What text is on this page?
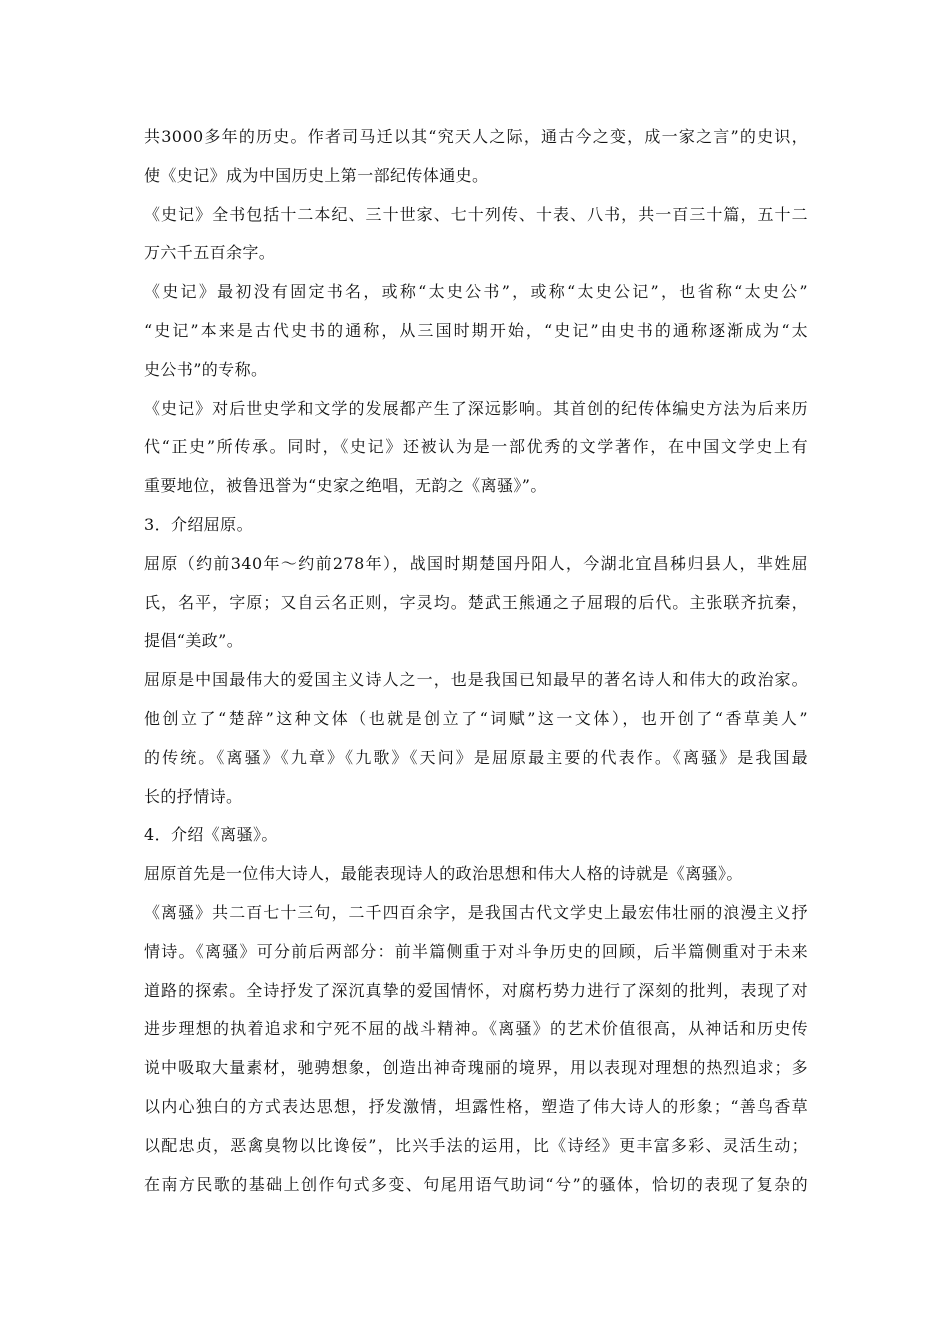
共3000多年的历史。作者司马迁以其“究天人之际，通古今之变，成一家之言”的史识，
使《史记》成为中国历史上第一部纪传体通史。
《史记》全书包括十二本纪、三十世家、七十列传、十表、八书，共一百三十篇，五十二
万六千五百余字。
《史记》最初没有固定书名，或称“太史公书”，或称“太史公记”，也省称“太史公”
“史记”本来是古代史书的通称，从三国时期开始，“史记”由史书的通称逐渐成为“太
史公书”的专称。
《史记》对后世史学和文学的发展都产生了深远影响。其首创的纪传体编史方法为后来历
代“正史”所传承。同时，《史记》还被认为是一部优秀的文学著作，在中国文学史上有
重要地位，被鲁迅誉为“史家之绝唱，无韵之《离骚》”。
3．介绍屈原。
屈原（约前340年～约前278年），战国时期楚国丹阳人，今湖北宜昌秭归县人，芈姓屈
氏，名平，字原；又自云名正则，字灵均。楚武王熊通之子屈瑕的后代。主张联齐抗秦，
提倡“美政”。
屈原是中国最伟大的爱国主义诗人之一，也是我国已知最早的著名诗人和伟大的政治家。
他创立了“楚辞”这种文体（也就是创立了“词赋”这一文体），也开创了“香草美人”
的传统。《离骚》《九章》《九歌》《天问》是屈原最主要的代表作。《离骚》是我国最
长的抒情诗。
4．介绍《离骚》。
屈原首先是一位伟大诗人，最能表现诗人的政治思想和伟大人格的诗就是《离骚》。
《离骚》共二百七十三句，二千四百余字，是我国古代文学史上最宏伟壮丽的浪漫主义抒
情诗。《离骚》可分前后两部分：前半篇侧重于对斗争历史的回顾，后半篇侧重对于未来
道路的探索。全诗抒发了深沉真挚的爱国情怀，对腐朽势力进行了深刻的批判，表现了对
进步理想的执着追求和宁死不屈的战斗精神。《离骚》的艺术价值很高，从神话和历史传
说中吸取大量素材，驰骋想象，创造出神奇瑰丽的境界，用以表现对理想的热烈追求；多
以内心独白的方式表达思想，抒发激情，坦露性格，塑造了伟大诗人的形象；“善鸟香草
以配忠贞，恶禽臭物以比谗佞”，比兴手法的运用，比《诗经》更丰富多彩、灵活生动；
在南方民歌的基础上创作句式多变、句尾用语气助词“兮”的骚体，恰切的表现了复杂的
